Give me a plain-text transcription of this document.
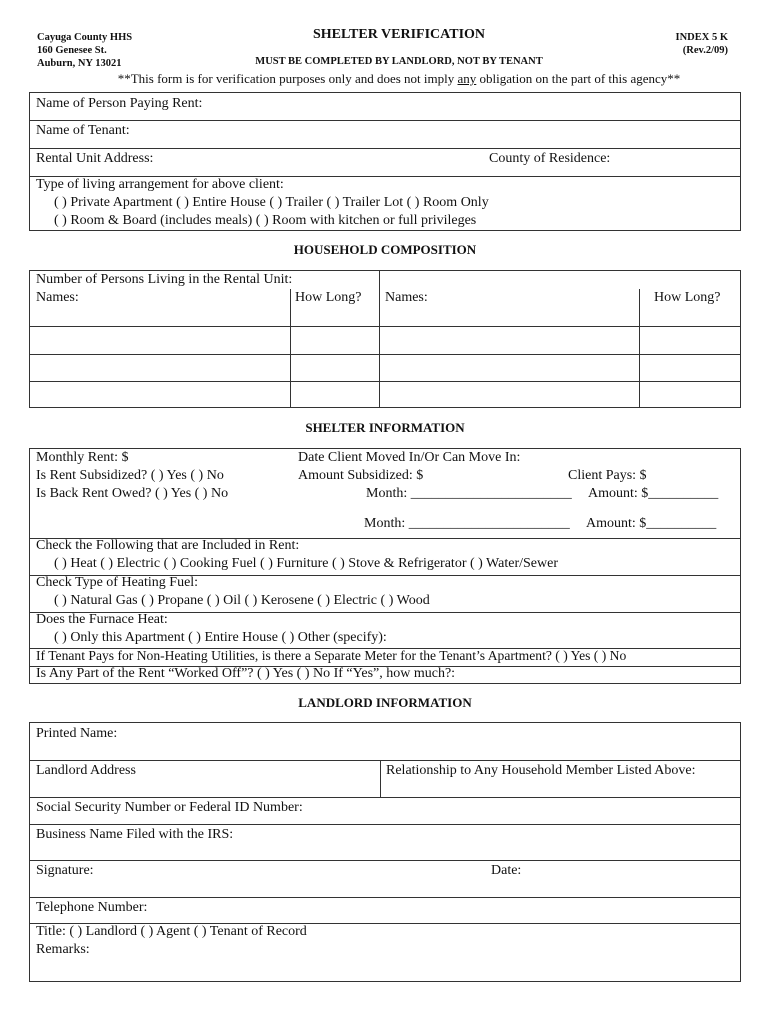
Cayuga County HHS
160 Genesee St.
Auburn, NY 13021
SHELTER VERIFICATION	INDEX 5 K
(Rev.2/09)
MUST BE COMPLETED BY LANDLORD, NOT BY TENANT
**This form is for verification purposes only and does not imply any obligation on the part of this agency**
Name of Person Paying Rent:
Name of Tenant:
Rental Unit Address:	County of Residence:
Type of living arrangement for above client:
( ) Private Apartment ( ) Entire House ( ) Trailer ( ) Trailer Lot ( ) Room Only
( ) Room & Board (includes meals) ( ) Room with kitchen or full privileges
HOUSEHOLD COMPOSITION
Number of Persons Living in the Rental Unit:
Names:	How Long? Names:	How Long?
SHELTER INFORMATION
Monthly Rent: $	Date Client Moved In/Or Can Move In:
Is Rent Subsidized? ( ) Yes ( ) No	Amount Subsidized: $	Client Pays: $
Is Back Rent Owed? ( ) Yes ( ) No	Month: _______________________ Amount: $__________
Month: _______________________ Amount: $__________
Check the Following that are Included in Rent:
( ) Heat ( ) Electric ( ) Cooking Fuel ( ) Furniture ( ) Stove & Refrigerator ( ) Water/Sewer
Check Type of Heating Fuel:
( ) Natural Gas ( ) Propane ( ) Oil ( ) Kerosene ( ) Electric ( ) Wood
Does the Furnace Heat:
( ) Only this Apartment ( ) Entire House ( ) Other (specify):
If Tenant Pays for Non-Heating Utilities, is there a Separate Meter for the Tenant’s Apartment? ( ) Yes ( ) No
Is Any Part of the Rent “Worked Off”? ( ) Yes ( ) No If “Yes”, how much?:
LANDLORD INFORMATION
Printed Name:
Landlord Address	Relationship to Any Household Member Listed Above:
Social Security Number or Federal ID Number:
Business Name Filed with the IRS:
Signature:	Date:
Telephone Number:
Title: ( ) Landlord ( ) Agent ( ) Tenant of Record
Remarks:
